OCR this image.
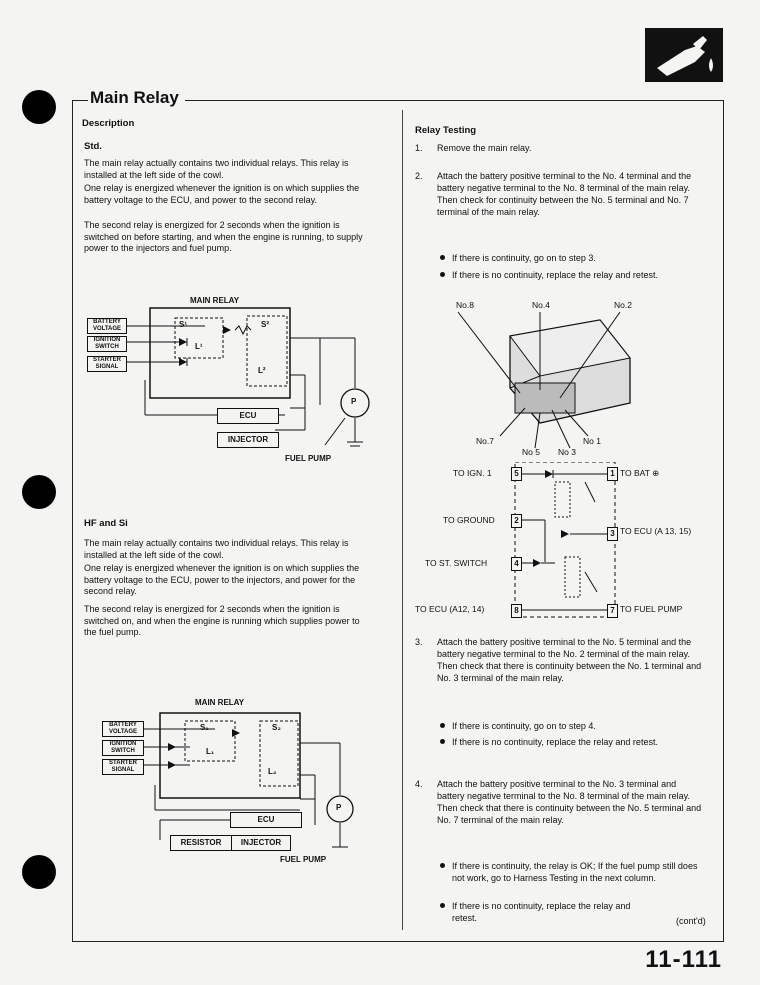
Main Relay
Description
Std.
The main relay actually contains two individual relays. This relay is installed at the left side of the cowl.
One relay is energized whenever the ignition is on which supplies the battery voltage to the ECU, and power to the second relay.
The second relay is energized for 2 seconds when the ignition is switched on before starting, and when the engine is running, to supply power to the injectors and fuel pump.
MAIN RELAY
BATTERY VOLTAGE
IGNITION SWITCH
STARTER SIGNAL
S¹	S²
L¹
L²
ECU
INJECTOR
P
FUEL PUMP
HF and Si
The main relay actually contains two individual relays. This relay is installed at the left side of the cowl.
One relay is energized whenever the ignition is on which supplies the battery voltage to the ECU, power to the injectors, and power for the second relay.
The second relay is energized for 2 seconds when the ignition is switched on, and when the engine is running which supplies power to the fuel pump.
MAIN RELAY
BATTERY VOLTAGE
IGNITION SWITCH
STARTER SIGNAL
S₁	S₂
L₁
L₂
ECU
RESISTOR	INJECTOR
P
FUEL PUMP
Relay Testing
1. Remove the main relay.
2. Attach the battery positive terminal to the No. 4 terminal and the battery negative terminal to the No. 8 terminal of the main relay. Then check for continuity between the No. 5 terminal and No. 7 terminal of the main relay.
If there is continuity, go on to step 3.
If there is no continuity, replace the relay and retest.
No.8	No.4	No.2
No.7	No 1
No 5 No 3
TO IGN. 1
TO GROUND
TO ST. SWITCH
TO ECU (A12, 14)
TO BAT ⊕
TO ECU (A 13, 15)
TO FUEL PUMP
5
2
4
8
1
3
7
3. Attach the battery positive terminal to the No. 5 terminal and the battery negative terminal to the No. 2 terminal of the main relay. Then check that there is continuity between the No. 1 terminal and No. 3 terminal of the main relay.
If there is continuity, go on to step 4.
If there is no continuity, replace the relay and retest.
4. Attach the battery positive terminal to the No. 3 terminal and battery negative terminal to the No. 8 terminal of the main relay. Then check that there is continuity between the No. 5 terminal and No. 7 terminal of the main relay.
If there is continuity, the relay is OK; If the fuel pump still does not work, go to Harness Testing in the next column.
If there is no continuity, replace the relay and retest.	(cont'd)
11-111
